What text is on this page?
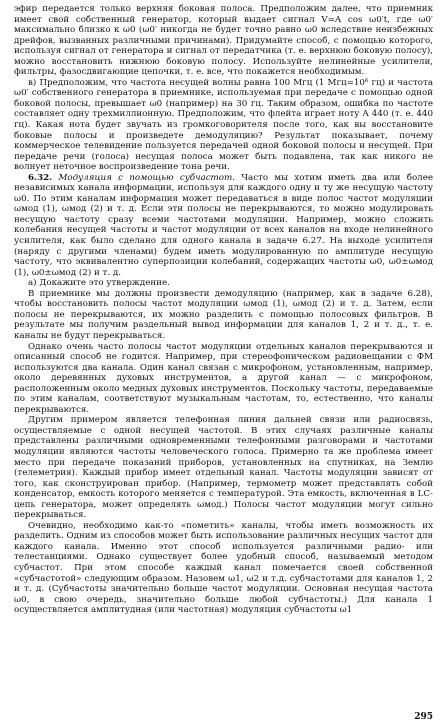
эфир передается только верхняя боковая полоса. Предположим далее, что приемник имеет свой собственный генератор, который выдает сигнал V=A cos ω0′t, где ω0′ максимально близко к ω0 (ω0′ никогда не будет точно равно ω0 вследствие неизбежных дрейфов, вызванных различными причинами). Придумайте способ, с помощью которого, используя сигнал от генератора и сигнал от передатчика (т. е. верхнюю боковую полосу), можно восстановить нижнюю боковую полосу. Используйте нелинейные усилители, фильтры, фазосдвигающие цепочки, т. е. все, что покажется необходимым.

в) Предположим, что частота несущей волны равна 100 Мгц (1 Мгц=10⁶ гц) и частота ω0′ собственного генератора в приемнике, используемая при передаче с помощью одной боковой полосы, превышает ω0 (например) на 30 гц. Таким образом, ошибка по частоте составляет одну трехмиллионную. Предположим, что флейта играет ноту A 440 (т. е. 440 гц). Какая нота будет звучать из громкоговорителя после того, как вы восстановите боковые полосы и произведете демодуляцию? Результат показывает, почему коммерческое телевидение пользуется передачей одной боковой полосы и несущей. При передаче речи (голоса) несущая полоса может быть подавлена, так как никого не волнует неточное воспроизведение тона речи.

6.32. Модуляция с помощью субчастот. Часто мы хотим иметь два или более независимых канала информации, используя для каждого одну и ту же несущую частоту ω0. По этим каналам информация может передаваться в виде полос частот модуляции ωмод (1), ωмод (2) и т. д. Если эти полосы не перекрываются, то можно модулировать несущую частоту сразу всеми частотами модуляции. Например, можно сложить колебания несущей частоты и частот модуляции от всех каналов на входе нелинейного усилителя, как было сделано для одного канала в задаче 6.27. На выходе усилителя (наряду с другими членами) будем иметь модулированную по амплитуде несущую частоту, что эквивалентно суперпозиции колебаний, содержащих частоты ω0, ω0±ωмод (1), ω0±ωмод (2) и т. д.

а) Докажите это утверждение.

В приемнике мы должны произвести демодуляцию (например, как в задаче 6.28), чтобы восстановить полосы частот модуляции ωмод (1), ωмод (2) и т. д. Затем, если полосы не перекрываются, их можно разделить с помощью полосовых фильтров. В результате мы получим раздельный вывод информации для каналов 1, 2 и т. д., т. е. каналы не будут перекрываться.

Однако очень часто полосы частот модуляции отдельных каналов перекрываются и описанный способ не годится. Например, при стереофоническом радиовещании с ФМ используются два канала. Один канал связан с микрофоном, установленным, например, около деревянных духовых инструментов, а другой канал — с микрофоном, расположенным около медных духовых инструментов. Поскольку частоты, передаваемые по этим каналам, соответствуют музыкальным частотам, то, естественно, что каналы перекрываются.

Другим примером является телефонная линия дальней связи или радиосвязь, осуществляемые с одной несущей частотой. В этих случаях различные каналы представлены различными одновременными телефонными разговорами и частотами модуляции являются частоты человеческого голоса. Примерно та же проблема имеет место при передаче показаний приборов, установленных на спутниках, на Землю (телеметрия). Каждый прибор имеет отдельный канал. Частоты модуляции зависят от того, как сконструирован прибор. (Например, термометр может представлять собой конденсатор, емкость которого меняется с температурой. Эта емкость, включенная в LC-цепь генератора, может определять ωмод.) Полосы частот модуляции могут сильно перекрываться.

Очевидно, необходимо как-то «пометить» каналы, чтобы иметь возможность их разделить. Одним из способов может быть использование различных несущих частот для каждого канала. Именно этот способ используется различными радио- или телестанциями. Однако существует более удобный способ, называемый методом субчастот. При этом способе каждый канал помечается своей собственной «субчастотой» следующим образом. Назовем ω1, ω2 и т.д. субчастотами для каналов 1, 2 и т. д. (Субчастоты значительно больше частот модуляции. Основная несущая частота ω0, в свою очередь, значительно больше любой субчастоты.) Для канала 1 осуществляется амплитудная (или частотная) модуляция субчастоты ω1

295
